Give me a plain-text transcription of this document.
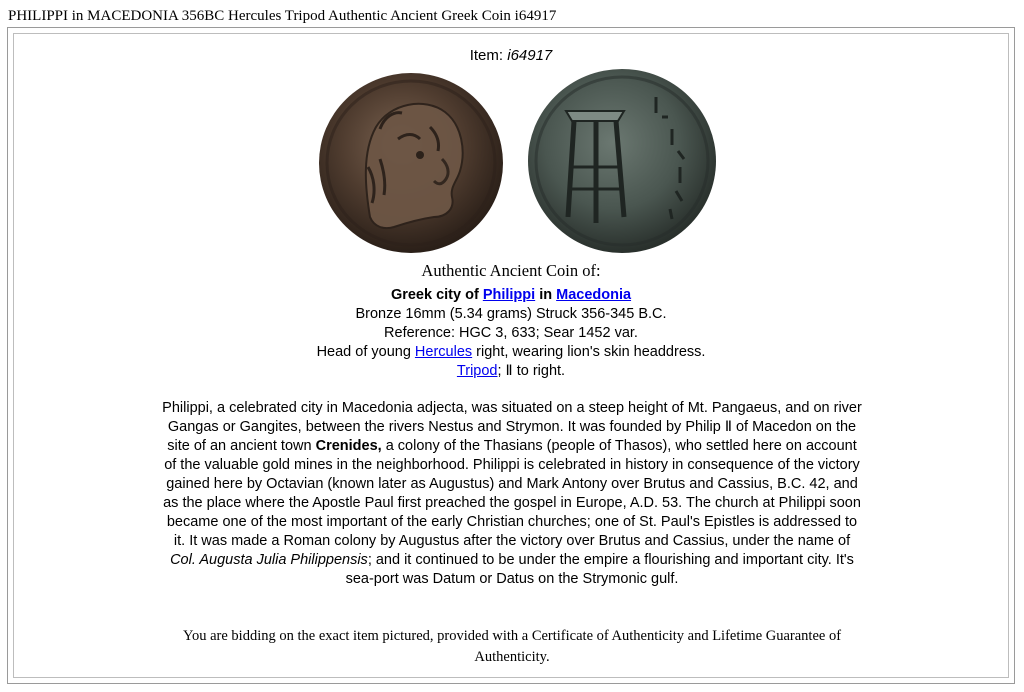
PHILIPPI in MACEDONIA 356BC Hercules Tripod Authentic Ancient Greek Coin i64917
Item: i64917
Authentic Ancient Coin of:
Greek city of Philippi in Macedonia
Bronze 16mm (5.34 grams) Struck 356-345 B.C.
Reference: HGC 3, 633; Sear 1452 var.
Head of young Hercules right, wearing lion's skin headdress.
Tripod; Ⅱ to right.
Philippi, a celebrated city in Macedonia adjecta, was situated on a steep height of Mt. Pangaeus, and on river Gangas or Gangites, between the rivers Nestus and Strymon. It was founded by Philip Ⅱ of Macedon on the site of an ancient town Crenides, a colony of the Thasians (people of Thasos), who settled here on account of the valuable gold mines in the neighborhood. Philippi is celebrated in history in consequence of the victory gained here by Octavian (known later as Augustus) and Mark Antony over Brutus and Cassius, B.C. 42, and as the place where the Apostle Paul first preached the gospel in Europe, A.D. 53. The church at Philippi soon became one of the most important of the early Christian churches; one of St. Paul's Epistles is addressed to it. It was made a Roman colony by Augustus after the victory over Brutus and Cassius, under the name of Col. Augusta Julia Philippensis; and it continued to be under the empire a flourishing and important city. It's sea-port was Datum or Datus on the Strymonic gulf.
You are bidding on the exact item pictured, provided with a Certificate of Authenticity and Lifetime Guarantee of Authenticity.
